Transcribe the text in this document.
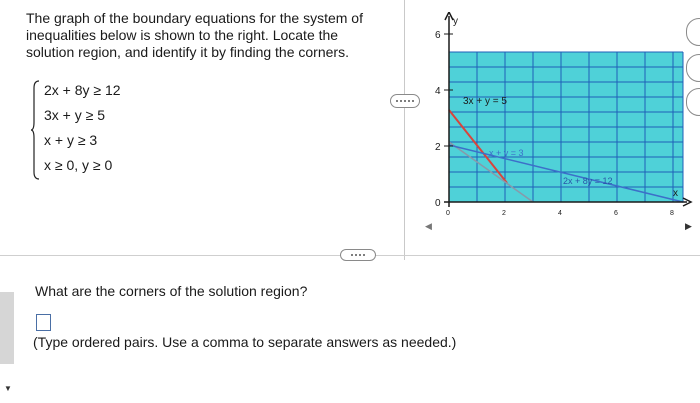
The graph of the boundary equations for the system of inequalities below is shown to the right. Locate the solution region, and identify it by finding the corners.
2x + 8y ≥ 12
3x + y ≥ 5
x + y ≥ 3
x ≥ 0, y ≥ 0
y
x
6
4
2
0
0	2	4	6	8
3x + y = 5
x + y = 3
2x + 8y = 12
◀	▶
▼
What are the corners of the solution region?
(Type ordered pairs. Use a comma to separate answers as needed.)
